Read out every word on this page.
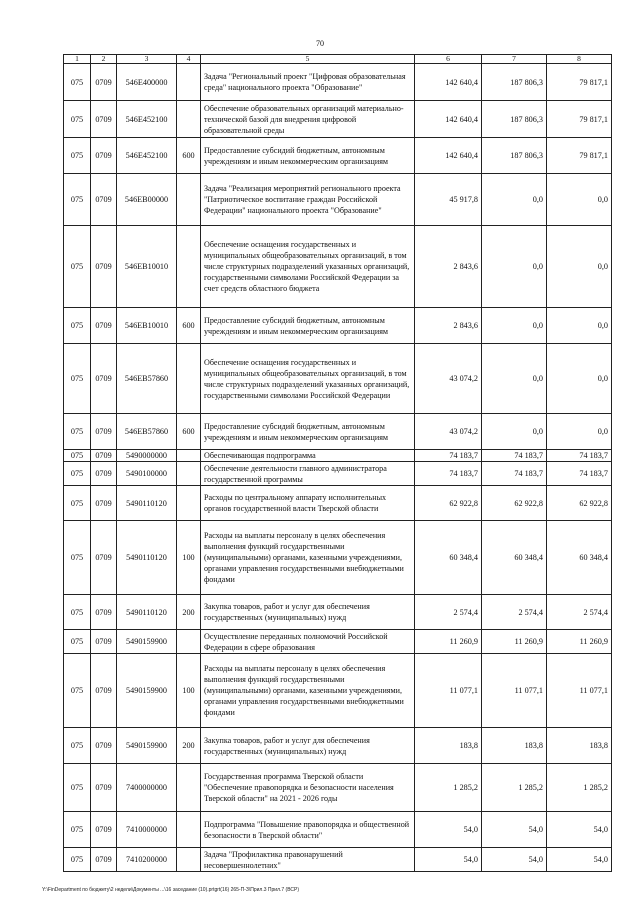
70
1	2	3	4	5	6	7	8
075	0709	546E400000		Задача "Региональный проект "Цифровая образовательная среда" национального проекта "Образование"	142 640,4	187 806,3	79 817,1
075	0709	546E452100		Обеспечение образовательных организаций материально-технической базой для внедрения цифровой образовательной среды	142 640,4	187 806,3	79 817,1
075	0709	546E452100	600	Предоставление субсидий бюджетным, автономным учреждениям и иным некоммерческим организациям	142 640,4	187 806,3	79 817,1
075	0709	546EB00000		Задача "Реализация мероприятий регионального проекта "Патриотическое воспитание граждан Российской Федерации" национального проекта "Образование"	45 917,8	0,0	0,0
075	0709	546EB10010		Обеспечение оснащения государственных и муниципальных общеобразовательных организаций, в том числе структурных подразделений указанных организаций, государственными символами Российской Федерации за счет средств областного бюджета	2 843,6	0,0	0,0
075	0709	546EB10010	600	Предоставление субсидий бюджетным, автономным учреждениям и иным некоммерческим организациям	2 843,6	0,0	0,0
075	0709	546EB57860		Обеспечение оснащения государственных и муниципальных общеобразовательных организаций, в том числе структурных подразделений указанных организаций, государственными символами Российской Федерации	43 074,2	0,0	0,0
075	0709	546EB57860	600	Предоставление субсидий бюджетным, автономным учреждениям и иным некоммерческим организациям	43 074,2	0,0	0,0
075	0709	5490000000		Обеспечивающая подпрограмма	74 183,7	74 183,7	74 183,7
075	0709	5490100000		Обеспечение деятельности главного администратора государственной программы	74 183,7	74 183,7	74 183,7
075	0709	5490110120		Расходы по центральному аппарату исполнительных органов государственной власти Тверской области	62 922,8	62 922,8	62 922,8
075	0709	5490110120	100	Расходы на выплаты персоналу в целях обеспечения выполнения функций государственными (муниципальными) органами, казенными учреждениями, органами управления государственными внебюджетными фондами	60 348,4	60 348,4	60 348,4
075	0709	5490110120	200	Закупка товаров, работ и услуг для обеспечения государственных (муниципальных) нужд	2 574,4	2 574,4	2 574,4
075	0709	5490159900		Осуществление переданных полномочий Российской Федерации в сфере образования	11 260,9	11 260,9	11 260,9
075	0709	5490159900	100	Расходы на выплаты персоналу в целях обеспечения выполнения функций государственными (муниципальными) органами, казенными учреждениями, органами управления государственными внебюджетными фондами	11 077,1	11 077,1	11 077,1
075	0709	5490159900	200	Закупка товаров, работ и услуг для обеспечения государственных (муниципальных) нужд	183,8	183,8	183,8
075	0709	7400000000		Государственная программа Тверской области "Обеспечение правопорядка и безопасности населения Тверской области" на 2021 - 2026 годы	1 285,2	1 285,2	1 285,2
075	0709	7410000000		Подпрограмма "Повышение правопорядка и общественной безопасности в Тверской области"	54,0	54,0	54,0
075	0709	7410200000		Задача "Профилактика правонарушений несовершеннолетних"	54,0	54,0	54,0
Y:\FinDepartment по бюджету\2 недели\Документы ...\16 заседание (10).prtgrt(16) 265-П-З\Прил.3 Прил.7 (ВСР)
